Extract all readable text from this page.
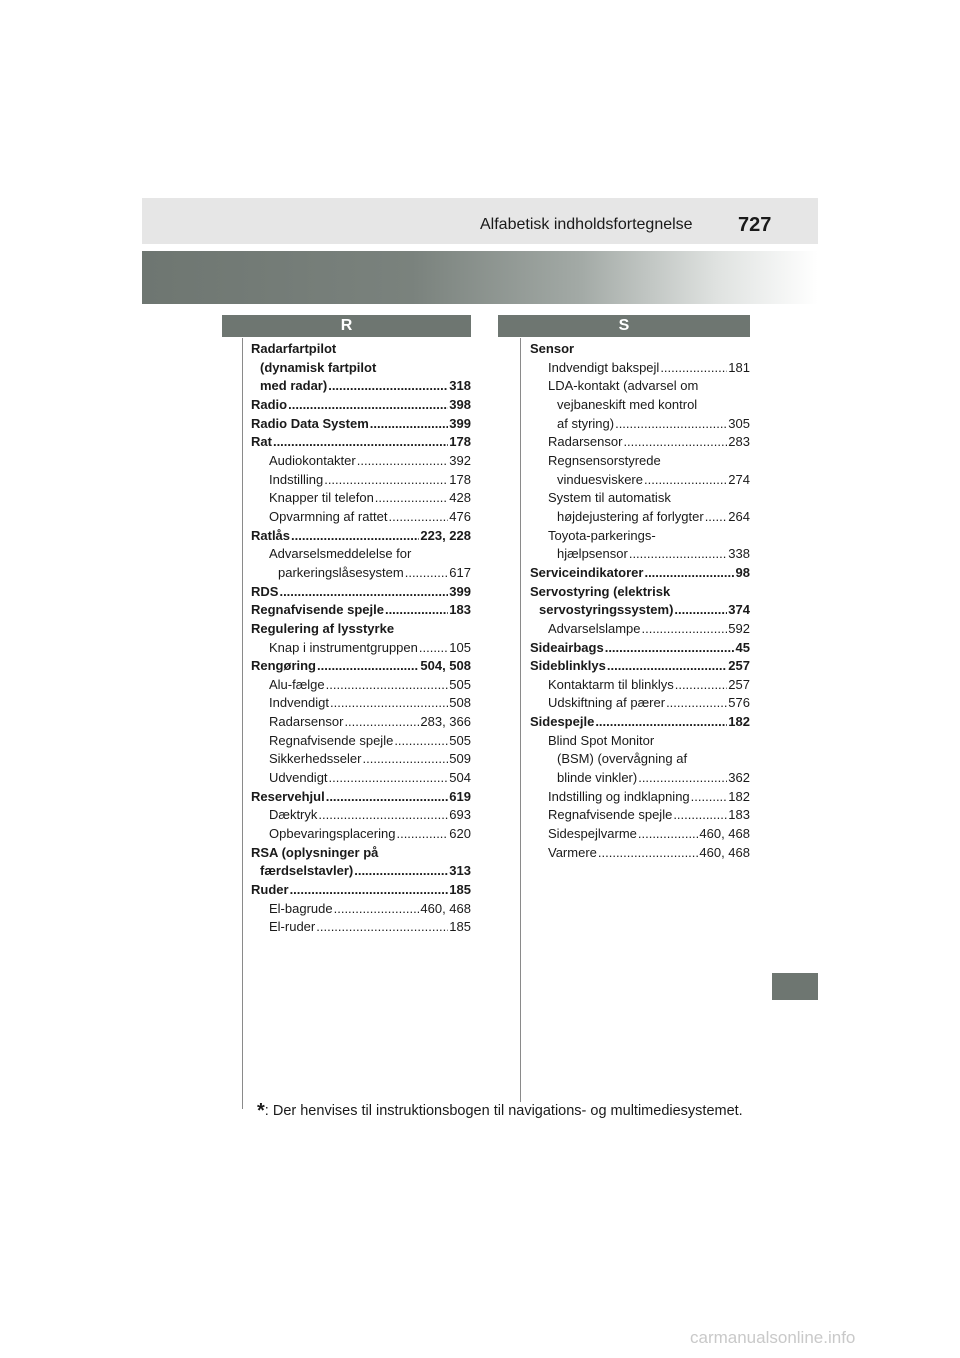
Alfabetisk indholdsfortegnelse 727
R	S
Radarfartpilot
(dynamisk fartpilot
med radar) .....	318
Radio .....	398
Radio Data System .....	399
Rat .....	178
Audiokontakter .....	392
Indstilling .....	178
Knapper til telefon .....	428
Opvarmning af rattet .....	476
Ratlås .....	223, 228
Advarselsmeddelelse for
parkeringslåsesystem .....	617
RDS .....	399
Regnafvisende spejle .....	183
Regulering af lysstyrke
Knap i instrumentgruppen ..... 105
Rengøring .....	504, 508
Alu-fælge .....	505
Indvendigt .....	508
Radarsensor .....	283, 366
Regnafvisende spejle .....	505
Sikkerhedsseler .....	509
Udvendigt .....	504
Reservehjul .....	619
Dæktryk .....	693
Opbevaringsplacering .....	620
RSA (oplysninger på
færdselstavler) .....	313
Ruder .....	185
El-bagrude .....	460, 468
El-ruder .....	185
Sensor
Indvendigt bakspejl .....	181
LDA-kontakt (advarsel om
vejbaneskift med kontrol
af styring) .....	305
Radarsensor .....	283
Regnsensorstyrede
vinduesviskere .....	274
System til automatisk
højdejustering af forlygter ..... 264
Toyota-parkerings-
hjælpsensor .....	338
Serviceindikatorer .....	98
Servostyring (elektrisk
servostyringssystem) .....	374
Advarselslampe .....	592
Sideairbags .....	45
Sideblinklys .....	257
Kontaktarm til blinklys .....	257
Udskiftning af pærer .....	576
Sidespejle .....	182
Blind Spot Monitor
(BSM) (overvågning af
blinde vinkler) .....	362
Indstilling og indklapning .....	182
Regnafvisende spejle .....	183
Sidespejlvarme .....	460, 468
Varmere .....	460, 468
*: Der henvises til instruktionsbogen til navigations- og multimediesystemet.
carmanualsonline.info
